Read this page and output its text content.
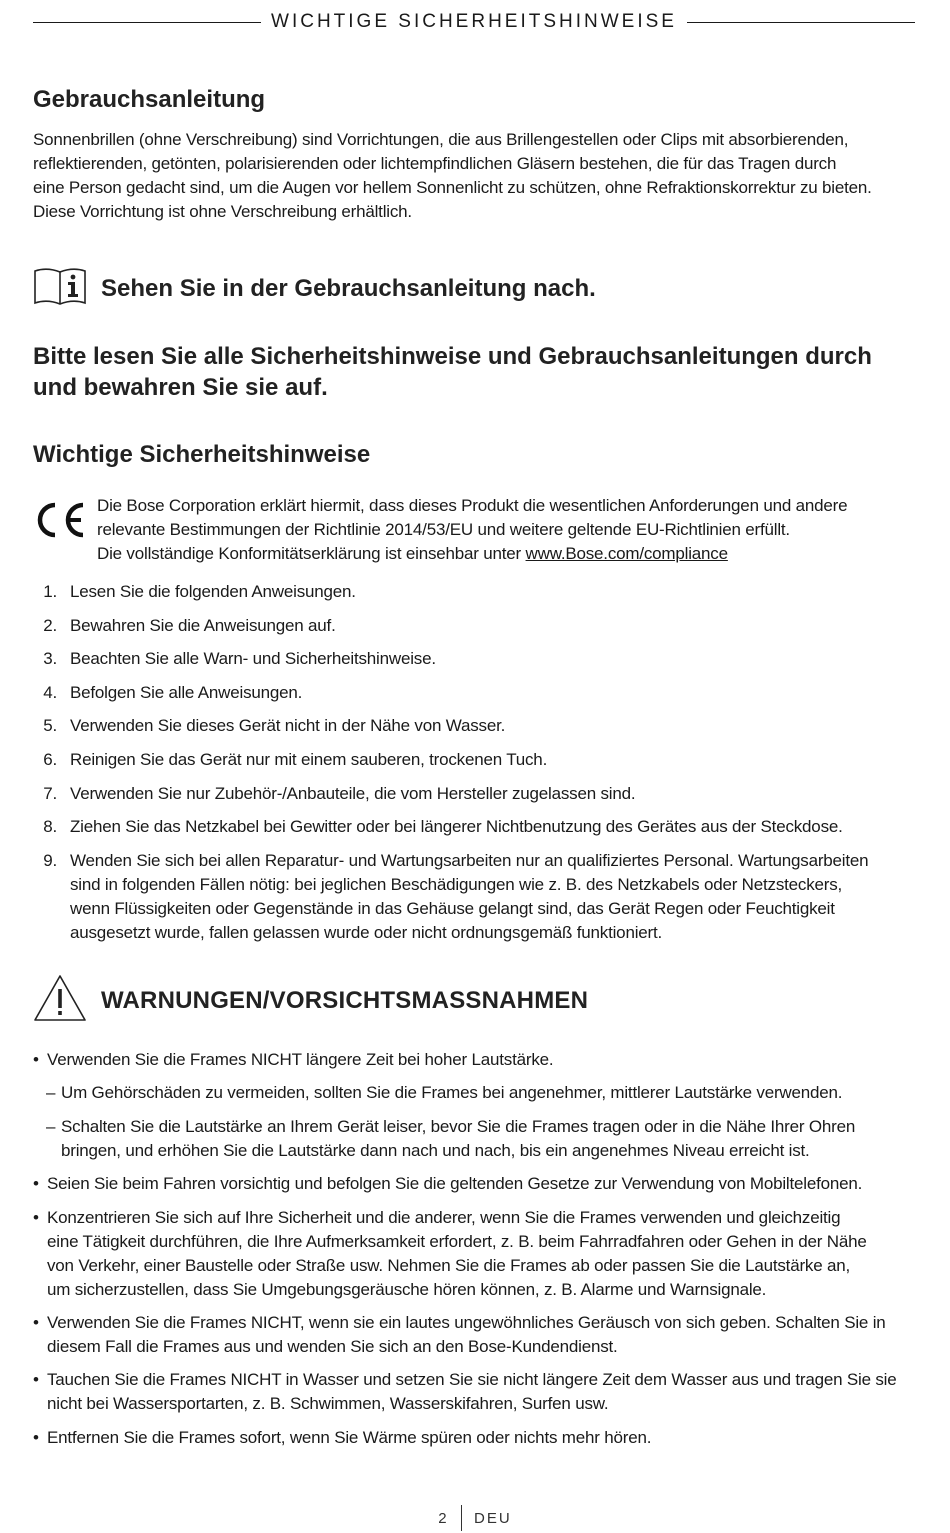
WICHTIGE SICHERHEITSHINWEISE
Gebrauchsanleitung

Sonnenbrillen (ohne Verschreibung) sind Vorrichtungen, die aus Brillengestellen oder Clips mit absorbierenden,
reflektierenden, getönten, polarisierenden oder lichtempfindlichen Gläsern bestehen, die für das Tragen durch
eine Person gedacht sind, um die Augen vor hellem Sonnenlicht zu schützen, ohne Refraktionskorrektur zu bieten.
Diese Vorrichtung ist ohne Verschreibung erhältlich.

Sehen Sie in der Gebrauchsanleitung nach.

Bitte lesen Sie alle Sicherheitshinweise und Gebrauchsanleitungen durch
und bewahren Sie sie auf.

Wichtige Sicherheitshinweise
Die Bose Corporation erklärt hiermit, dass dieses Produkt die wesentlichen Anforderungen und andere
relevante Bestimmungen der Richtlinie 2014/53/EU und weitere geltende EU-Richtlinien erfüllt.
Die vollständige Konformitätserklärung ist einsehbar unter www.Bose.com/compliance
1. Lesen Sie die folgenden Anweisungen.
2. Bewahren Sie die Anweisungen auf.
3. Beachten Sie alle Warn- und Sicherheitshinweise.
4. Befolgen Sie alle Anweisungen.
5. Verwenden Sie dieses Gerät nicht in der Nähe von Wasser.
6. Reinigen Sie das Gerät nur mit einem sauberen, trockenen Tuch.
7. Verwenden Sie nur Zubehör-/Anbauteile, die vom Hersteller zugelassen sind.
8. Ziehen Sie das Netzkabel bei Gewitter oder bei längerer Nichtbenutzung des Gerätes aus der Steckdose.
9. Wenden Sie sich bei allen Reparatur- und Wartungsarbeiten nur an qualifiziertes Personal. Wartungsarbeiten
sind in folgenden Fällen nötig: bei jeglichen Beschädigungen wie z. B. des Netzkabels oder Netzsteckers,
wenn Flüssigkeiten oder Gegenstände in das Gehäuse gelangt sind, das Gerät Regen oder Feuchtigkeit
ausgesetzt wurde, fallen gelassen wurde oder nicht ordnungsgemäß funktioniert.
WARNUNGEN/VORSICHTSMASSNAHMEN
• Verwenden Sie die Frames NICHT längere Zeit bei hoher Lautstärke.
– Um Gehörschäden zu vermeiden, sollten Sie die Frames bei angenehmer, mittlerer Lautstärke verwenden.
– Schalten Sie die Lautstärke an Ihrem Gerät leiser, bevor Sie die Frames tragen oder in die Nähe Ihrer Ohren
bringen, und erhöhen Sie die Lautstärke dann nach und nach, bis ein angenehmes Niveau erreicht ist.
• Seien Sie beim Fahren vorsichtig und befolgen Sie die geltenden Gesetze zur Verwendung von Mobiltelefonen.
• Konzentrieren Sie sich auf Ihre Sicherheit und die anderer, wenn Sie die Frames verwenden und gleichzeitig
eine Tätigkeit durchführen, die Ihre Aufmerksamkeit erfordert, z. B. beim Fahrradfahren oder Gehen in der Nähe
von Verkehr, einer Baustelle oder Straße usw. Nehmen Sie die Frames ab oder passen Sie die Lautstärke an,
um sicherzustellen, dass Sie Umgebungsgeräusche hören können, z. B. Alarme und Warnsignale.
• Verwenden Sie die Frames NICHT, wenn sie ein lautes ungewöhnliches Geräusch von sich geben. Schalten Sie in
diesem Fall die Frames aus und wenden Sie sich an den Bose-Kundendienst.
• Tauchen Sie die Frames NICHT in Wasser und setzen Sie sie nicht längere Zeit dem Wasser aus und tragen Sie sie
nicht bei Wassersportarten, z. B. Schwimmen, Wasserskifahren, Surfen usw.
• Entfernen Sie die Frames sofort, wenn Sie Wärme spüren oder nichts mehr hören.
2 DEU
